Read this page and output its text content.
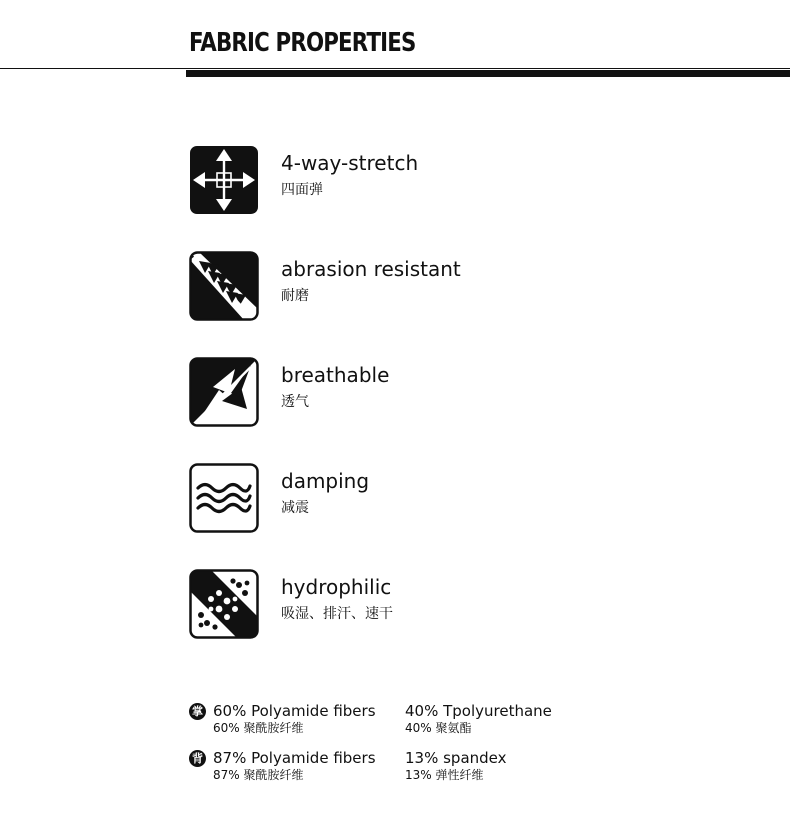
FABRIC PROPERTIES
4-way-stretch
四面弹
abrasion resistant
耐磨
breathable
透气
damping
减震
hydrophilic
吸湿、排汗、速干
掌 60% Polyamide fibers
60% 聚酰胺纤维
40% Tpolyurethane
40% 聚氨酯
背 87% Polyamide fibers
87% 聚酰胺纤维
13% spandex
13% 弹性纤维
